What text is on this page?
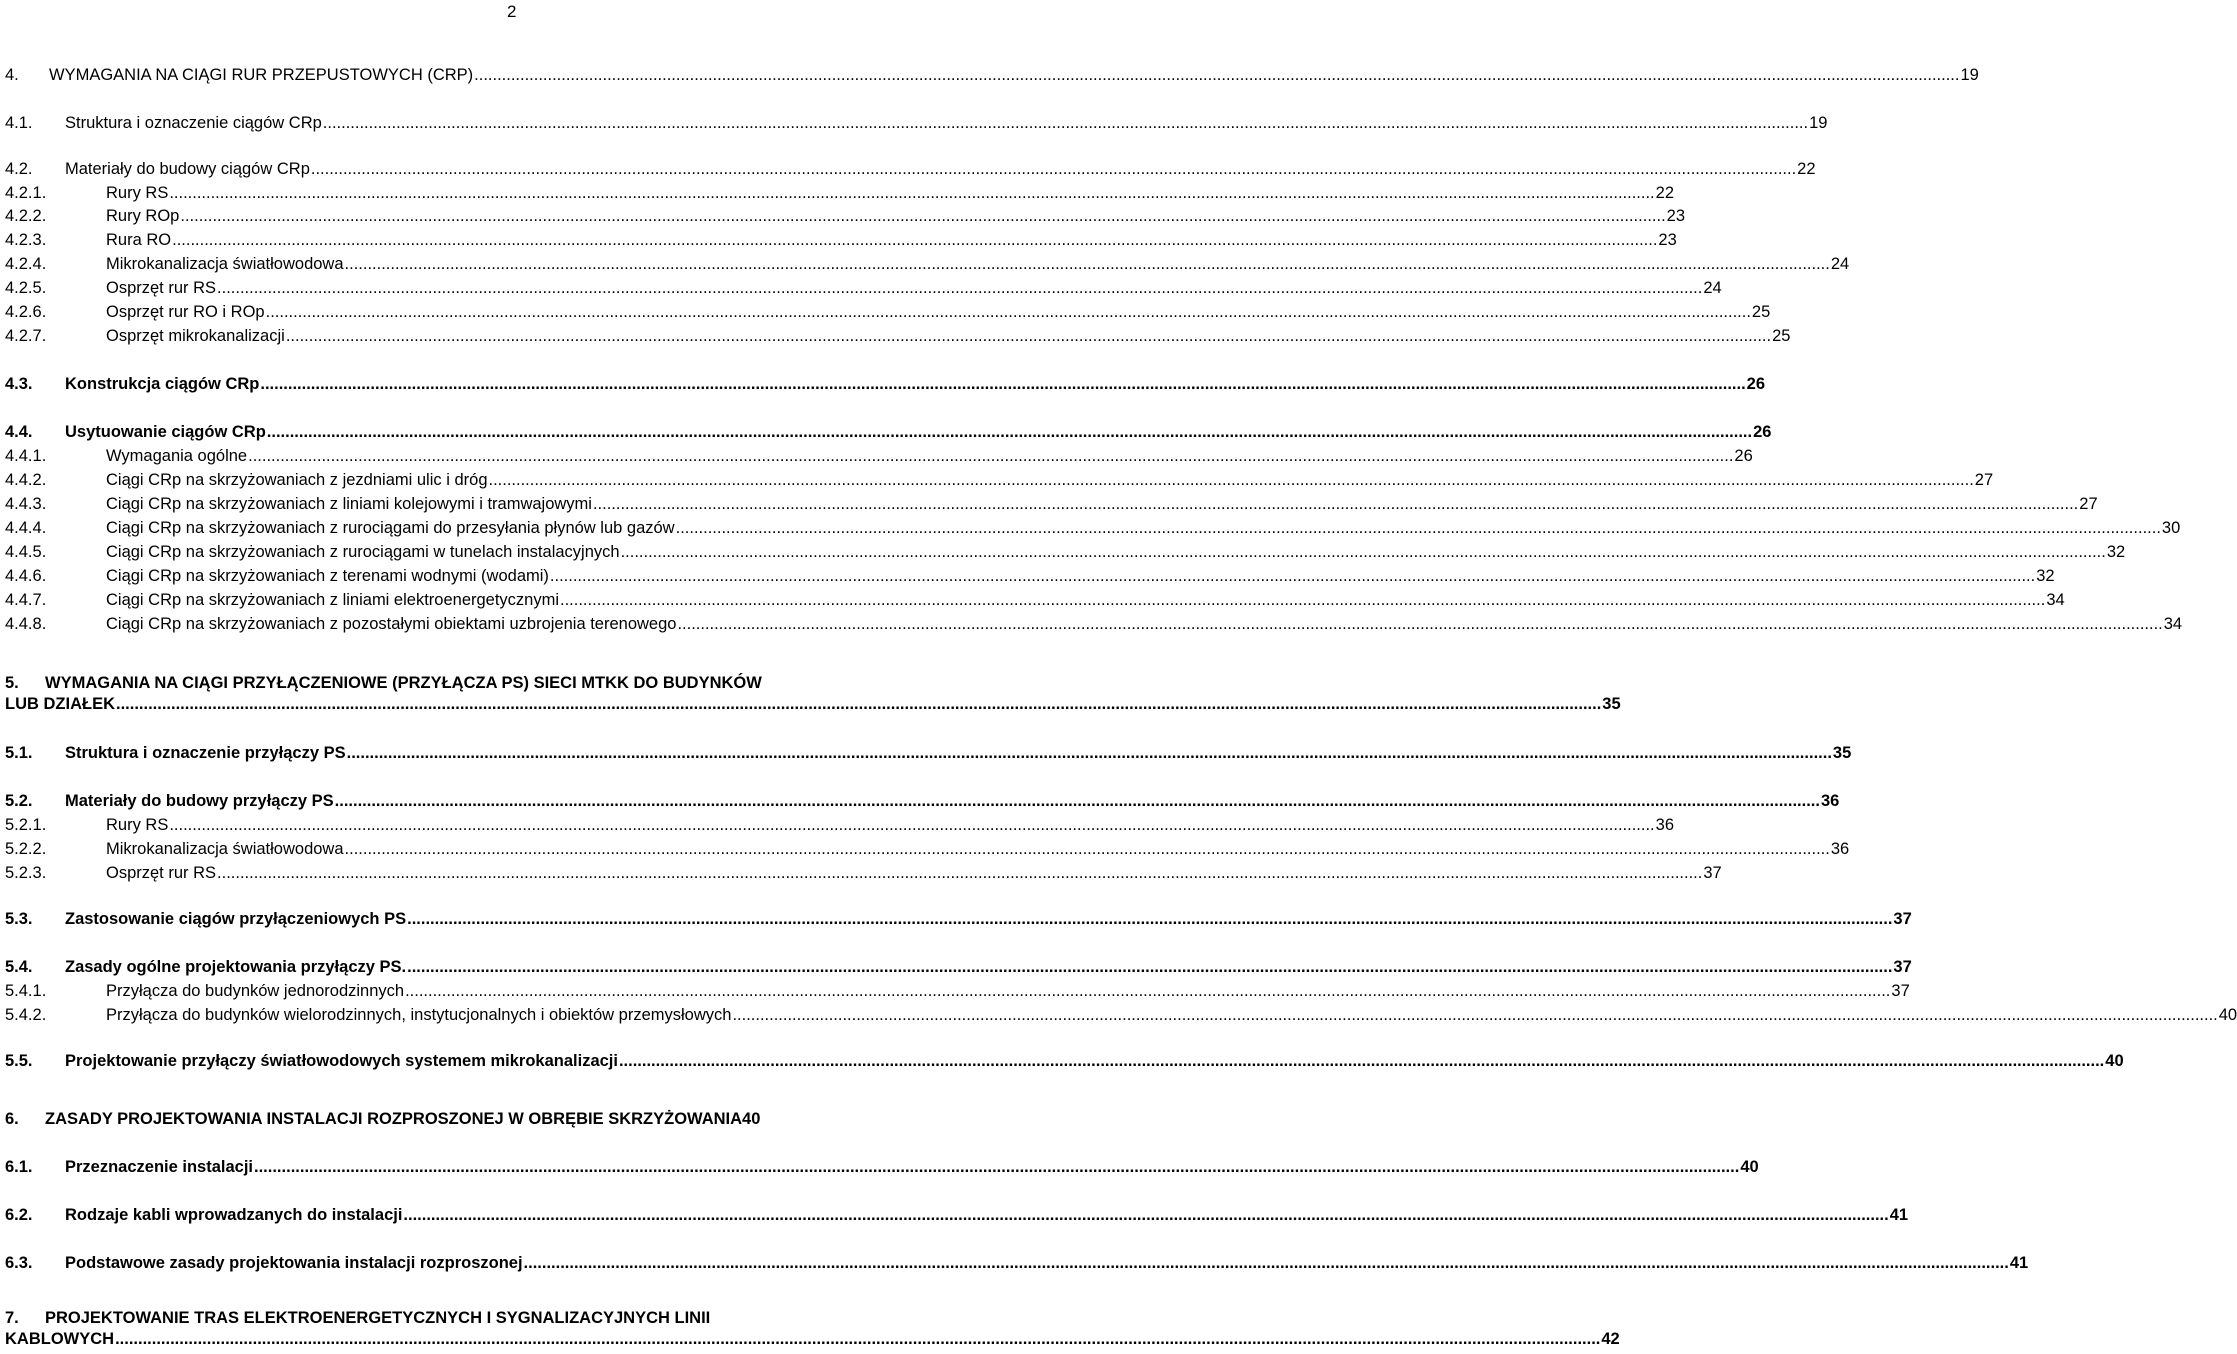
2
4.	WYMAGANIA NA CIĄGI RUR PRZEPUSTOWYCH (CRP) .....	19
4.1.	Struktura i oznaczenie ciągów CRp .....	19
4.2.	Materiały do budowy ciągów CRp .....	22
4.2.1.	Rury RS .....	22
4.2.2.	Rury ROp .....	23
4.2.3.	Rura RO .....	23
4.2.4.	Mikrokanalizacja światłowodowa .....	24
4.2.5.	Osprzęt rur RS .....	24
4.2.6.	Osprzęt rur RO i ROp .....	25
4.2.7.	Osprzęt mikrokanalizacji .....	25
4.3.	Konstrukcja ciągów CRp .....	26
4.4.	Usytuowanie ciągów CRp .....	26
4.4.1.	Wymagania ogólne .....	26
4.4.2.	Ciągi CRp na skrzyżowaniach z jezdniami ulic i dróg .....	27
4.4.3.	Ciągi CRp na skrzyżowaniach z liniami kolejowymi i tramwajowymi .....	27
4.4.4.	Ciągi CRp na skrzyżowaniach z rurociągami do przesyłania płynów lub gazów .....	30
4.4.5.	Ciągi CRp na skrzyżowaniach z rurociągami w tunelach instalacyjnych .....	32
4.4.6.	Ciągi CRp na skrzyżowaniach z terenami wodnymi (wodami) .....	32
4.4.7.	Ciągi CRp na skrzyżowaniach z liniami elektroenergetycznymi .....	34
4.4.8.	Ciągi CRp na skrzyżowaniach z pozostałymi obiektami uzbrojenia terenowego .....	34
5. WYMAGANIA NA CIĄGI PRZYŁĄCZENIOWE (PRZYŁĄCZA PS) SIECI MTKK DO BUDYNKÓW
LUB DZIAŁEK .....	35
5.1.	Struktura i oznaczenie przyłączy PS .....	35
5.2.	Materiały do budowy przyłączy PS .....	36
5.2.1.	Rury RS .....	36
5.2.2.	Mikrokanalizacja światłowodowa .....	36
5.2.3.	Osprzęt rur RS .....	37
5.3.	Zastosowanie ciągów przyłączeniowych PS .....	37
5.4.	Zasady ogólne projektowania przyłączy PS. .....	37
5.4.1.	Przyłącza do budynków jednorodzinnych .....	37
5.4.2.	Przyłącza do budynków wielorodzinnych, instytucjonalnych i obiektów przemysłowych .....	40
5.5.	Projektowanie przyłączy światłowodowych systemem mikrokanalizacji .....	40
6.	ZASADY PROJEKTOWANIA INSTALACJI ROZPROSZONEJ W OBRĘBIE SKRZYŻOWANIA 40
6.1.	Przeznaczenie instalacji .....	40
6.2.	Rodzaje kabli wprowadzanych do instalacji .....	41
6.3.	Podstawowe zasady projektowania instalacji rozproszonej .....	41
7. PROJEKTOWANIE TRAS ELEKTROENERGETYCZNYCH I SYGNALIZACYJNYCH LINII
KABLOWYCH .....	42
